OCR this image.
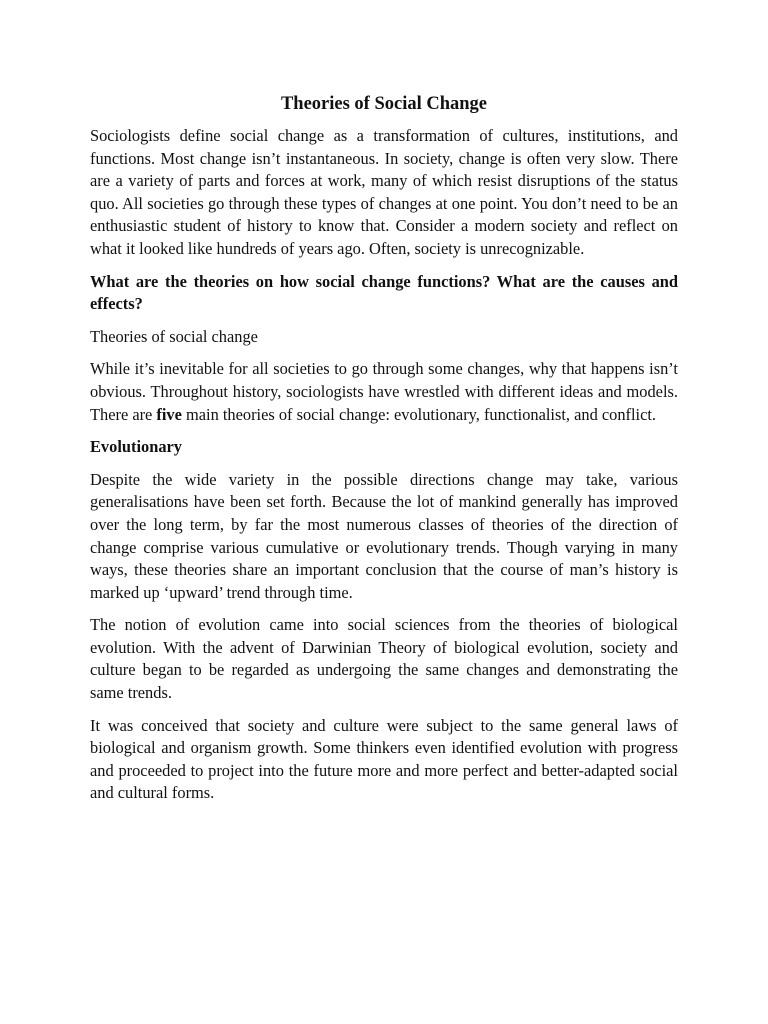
Theories of Social Change

Sociologists define social change as a transformation of cultures, institutions, and functions. Most change isn’t instantaneous. In society, change is often very slow. There are a variety of parts and forces at work, many of which resist disruptions of the status quo. All societies go through these types of changes at one point. You don’t need to be an enthusiastic student of history to know that. Consider a modern society and reflect on what it looked like hundreds of years ago. Often, society is unrecognizable.

What are the theories on how social change functions? What are the causes and effects?

Theories of social change

While it’s inevitable for all societies to go through some changes, why that happens isn’t obvious. Throughout history, sociologists have wrestled with different ideas and models. There are five main theories of social change: evolutionary, functionalist, and conflict.

Evolutionary

Despite the wide variety in the possible directions change may take, various generalisations have been set forth. Because the lot of mankind generally has improved over the long term, by far the most numerous classes of theories of the direction of change comprise various cumulative or evolutionary trends. Though varying in many ways, these theories share an important conclusion that the course of man’s history is marked up ‘upward’ trend through time.

The notion of evolution came into social sciences from the theories of biological evolution. With the advent of Darwinian Theory of biological evolution, society and culture began to be regarded as undergoing the same changes and demonstrating the same trends.

It was conceived that society and culture were subject to the same general laws of biological and organism growth. Some thinkers even identified evolution with progress and proceeded to project into the future more and more perfect and better-adapted social and cultural forms.
